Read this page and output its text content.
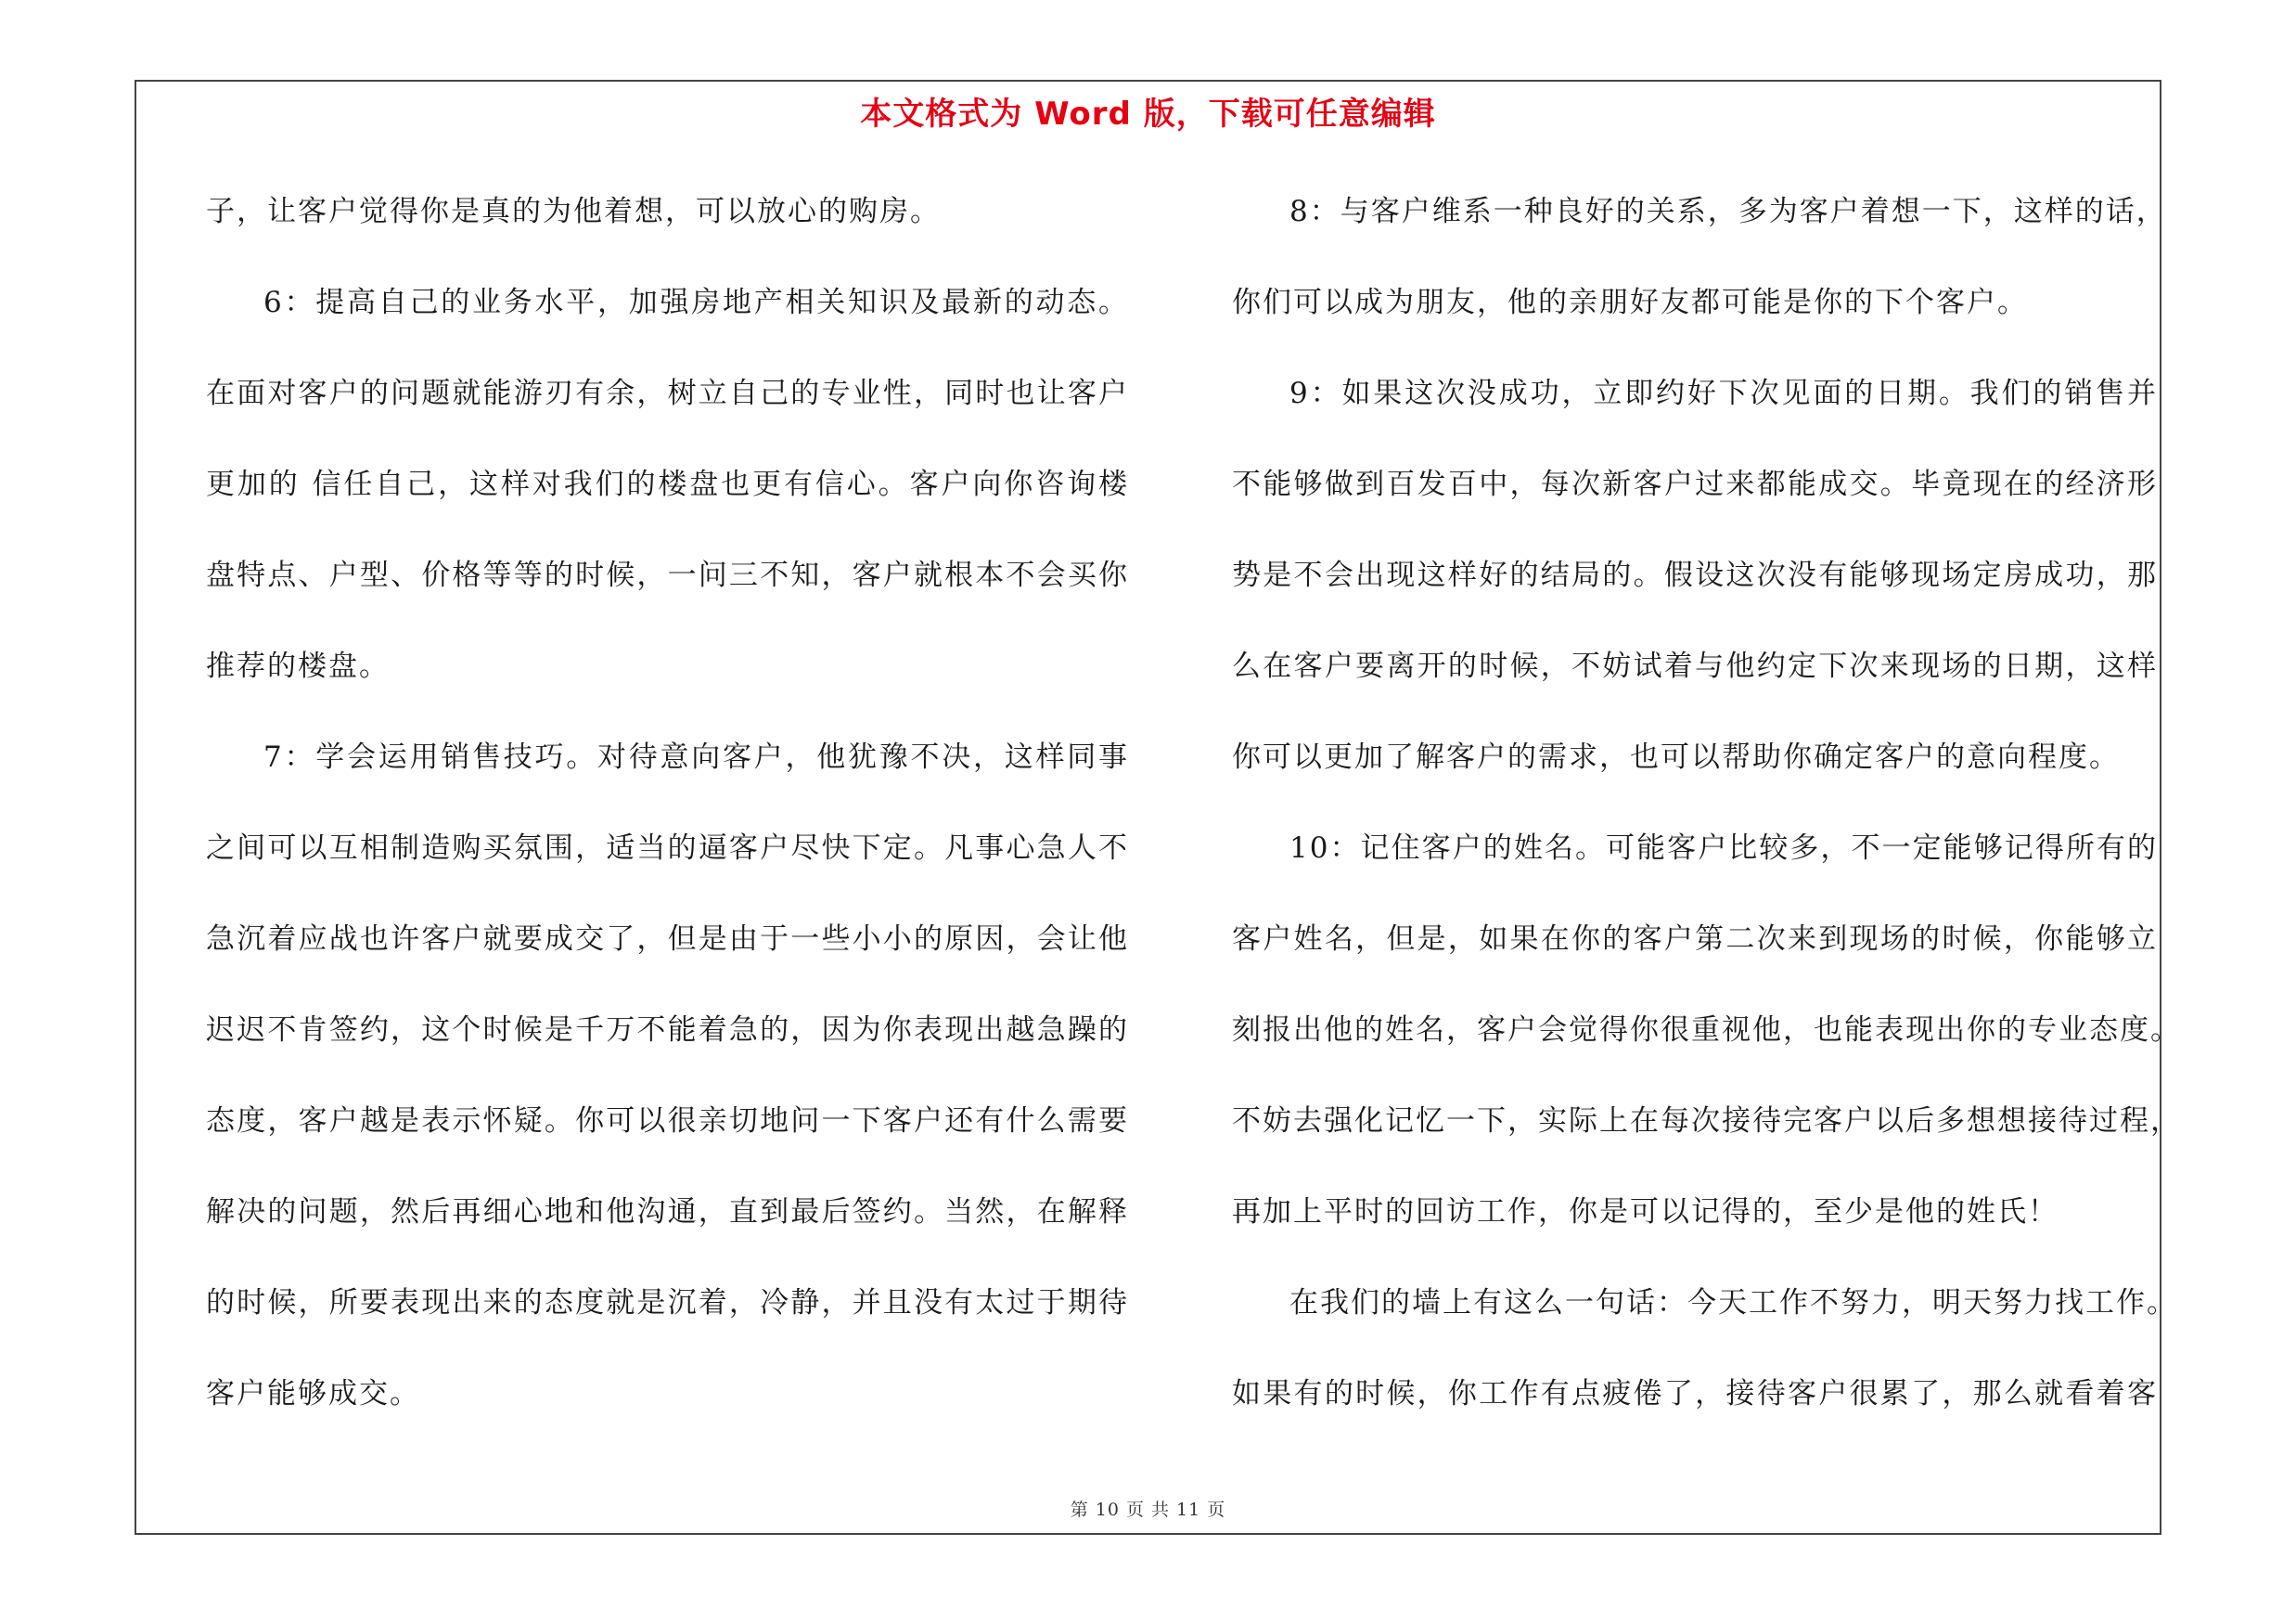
本文格式为 Word 版，下载可任意编辑
子，让客户觉得你是真的为他着想，可以放心的购房。
6：提高自己的业务水平，加强房地产相关知识及最新的动态。
在面对客户的问题就能游刃有余，树立自己的专业性，同时也让客户
更加的 信任自己，这样对我们的楼盘也更有信心。客户向你咨询楼
盘特点、户型、价格等等的时候，一问三不知，客户就根本不会买你
推荐的楼盘。
7：学会运用销售技巧。对待意向客户，他犹豫不决，这样同事
之间可以互相制造购买氛围，适当的逼客户尽快下定。凡事心急人不
急沉着应战也许客户就要成交了，但是由于一些小小的原因，会让他
迟迟不肯签约，这个时候是千万不能着急的，因为你表现出越急躁的
态度，客户越是表示怀疑。你可以很亲切地问一下客户还有什么需要
解决的问题，然后再细心地和他沟通，直到最后签约。当然，在解释
的时候，所要表现出来的态度就是沉着，冷静，并且没有太过于期待
客户能够成交。
8：与客户维系一种良好的关系，多为客户着想一下，这样的话，
你们可以成为朋友，他的亲朋好友都可能是你的下个客户。
9：如果这次没成功，立即约好下次见面的日期。我们的销售并
不能够做到百发百中，每次新客户过来都能成交。毕竟现在的经济形
势是不会出现这样好的结局的。假设这次没有能够现场定房成功，那
么在客户要离开的时候，不妨试着与他约定下次来现场的日期，这样
你可以更加了解客户的需求，也可以帮助你确定客户的意向程度。
10：记住客户的姓名。可能客户比较多，不一定能够记得所有的
客户姓名，但是，如果在你的客户第二次来到现场的时候，你能够立
刻报出他的姓名，客户会觉得你很重视他，也能表现出你的专业态度。
不妨去强化记忆一下，实际上在每次接待完客户以后多想想接待过程，
再加上平时的回访工作，你是可以记得的，至少是他的姓氏！
在我们的墙上有这么一句话：今天工作不努力，明天努力找工作。
如果有的时候，你工作有点疲倦了，接待客户很累了，那么就看着客
第 10 页 共 11 页
